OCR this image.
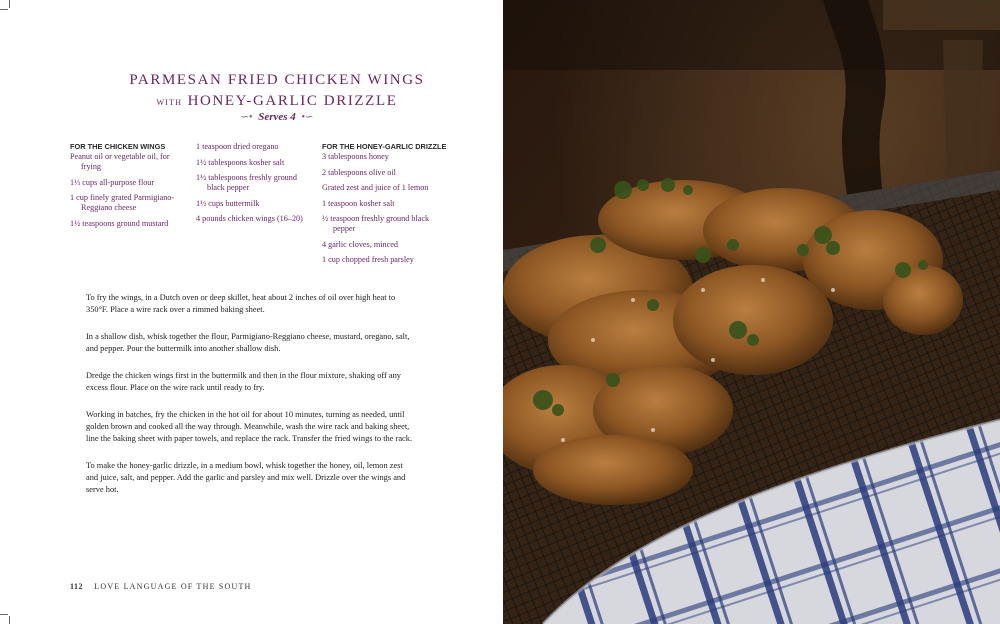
PARMESAN FRIED CHICKEN WINGS
with HONEY-GARLIC DRIZZLE
∽• Serves 4 •∽
FOR THE CHICKEN WINGS
Peanut oil or vegetable oil, for frying
1⅓ cups all-purpose flour
1 cup finely grated Parmigiano-Reggiano cheese
1½ teaspoons ground mustard
1 teaspoon dried oregano
1½ tablespoons kosher salt
1½ tablespoons freshly ground black pepper
1½ cups buttermilk
4 pounds chicken wings (16–20)
FOR THE HONEY-GARLIC DRIZZLE
3 tablespoons honey
2 tablespoons olive oil
Grated zest and juice of 1 lemon
1 teaspoon kosher salt
½ teaspoon freshly ground black pepper
4 garlic cloves, minced
1 cup chopped fresh parsley

To fry the wings, in a Dutch oven or deep skillet, heat about 2 inches of oil over high heat to 350°F. Place a wire rack over a rimmed baking sheet.

In a shallow dish, whisk together the flour, Parmigiano-Reggiano cheese, mustard, oregano, salt, and pepper. Pour the buttermilk into another shallow dish.

Dredge the chicken wings first in the buttermilk and then in the flour mixture, shaking off any excess flour. Place on the wire rack until ready to fry.

Working in batches, fry the chicken in the hot oil for about 10 minutes, turning as needed, until golden brown and cooked all the way through. Meanwhile, wash the wire rack and baking sheet, line the baking sheet with paper towels, and replace the rack. Transfer the fried wings to the rack.

To make the honey-garlic drizzle, in a medium bowl, whisk together the honey, oil, lemon zest and juice, salt, and pepper. Add the garlic and parsley and mix well. Drizzle over the wings and serve hot.

112 LOVE LANGUAGE OF THE SOUTH
